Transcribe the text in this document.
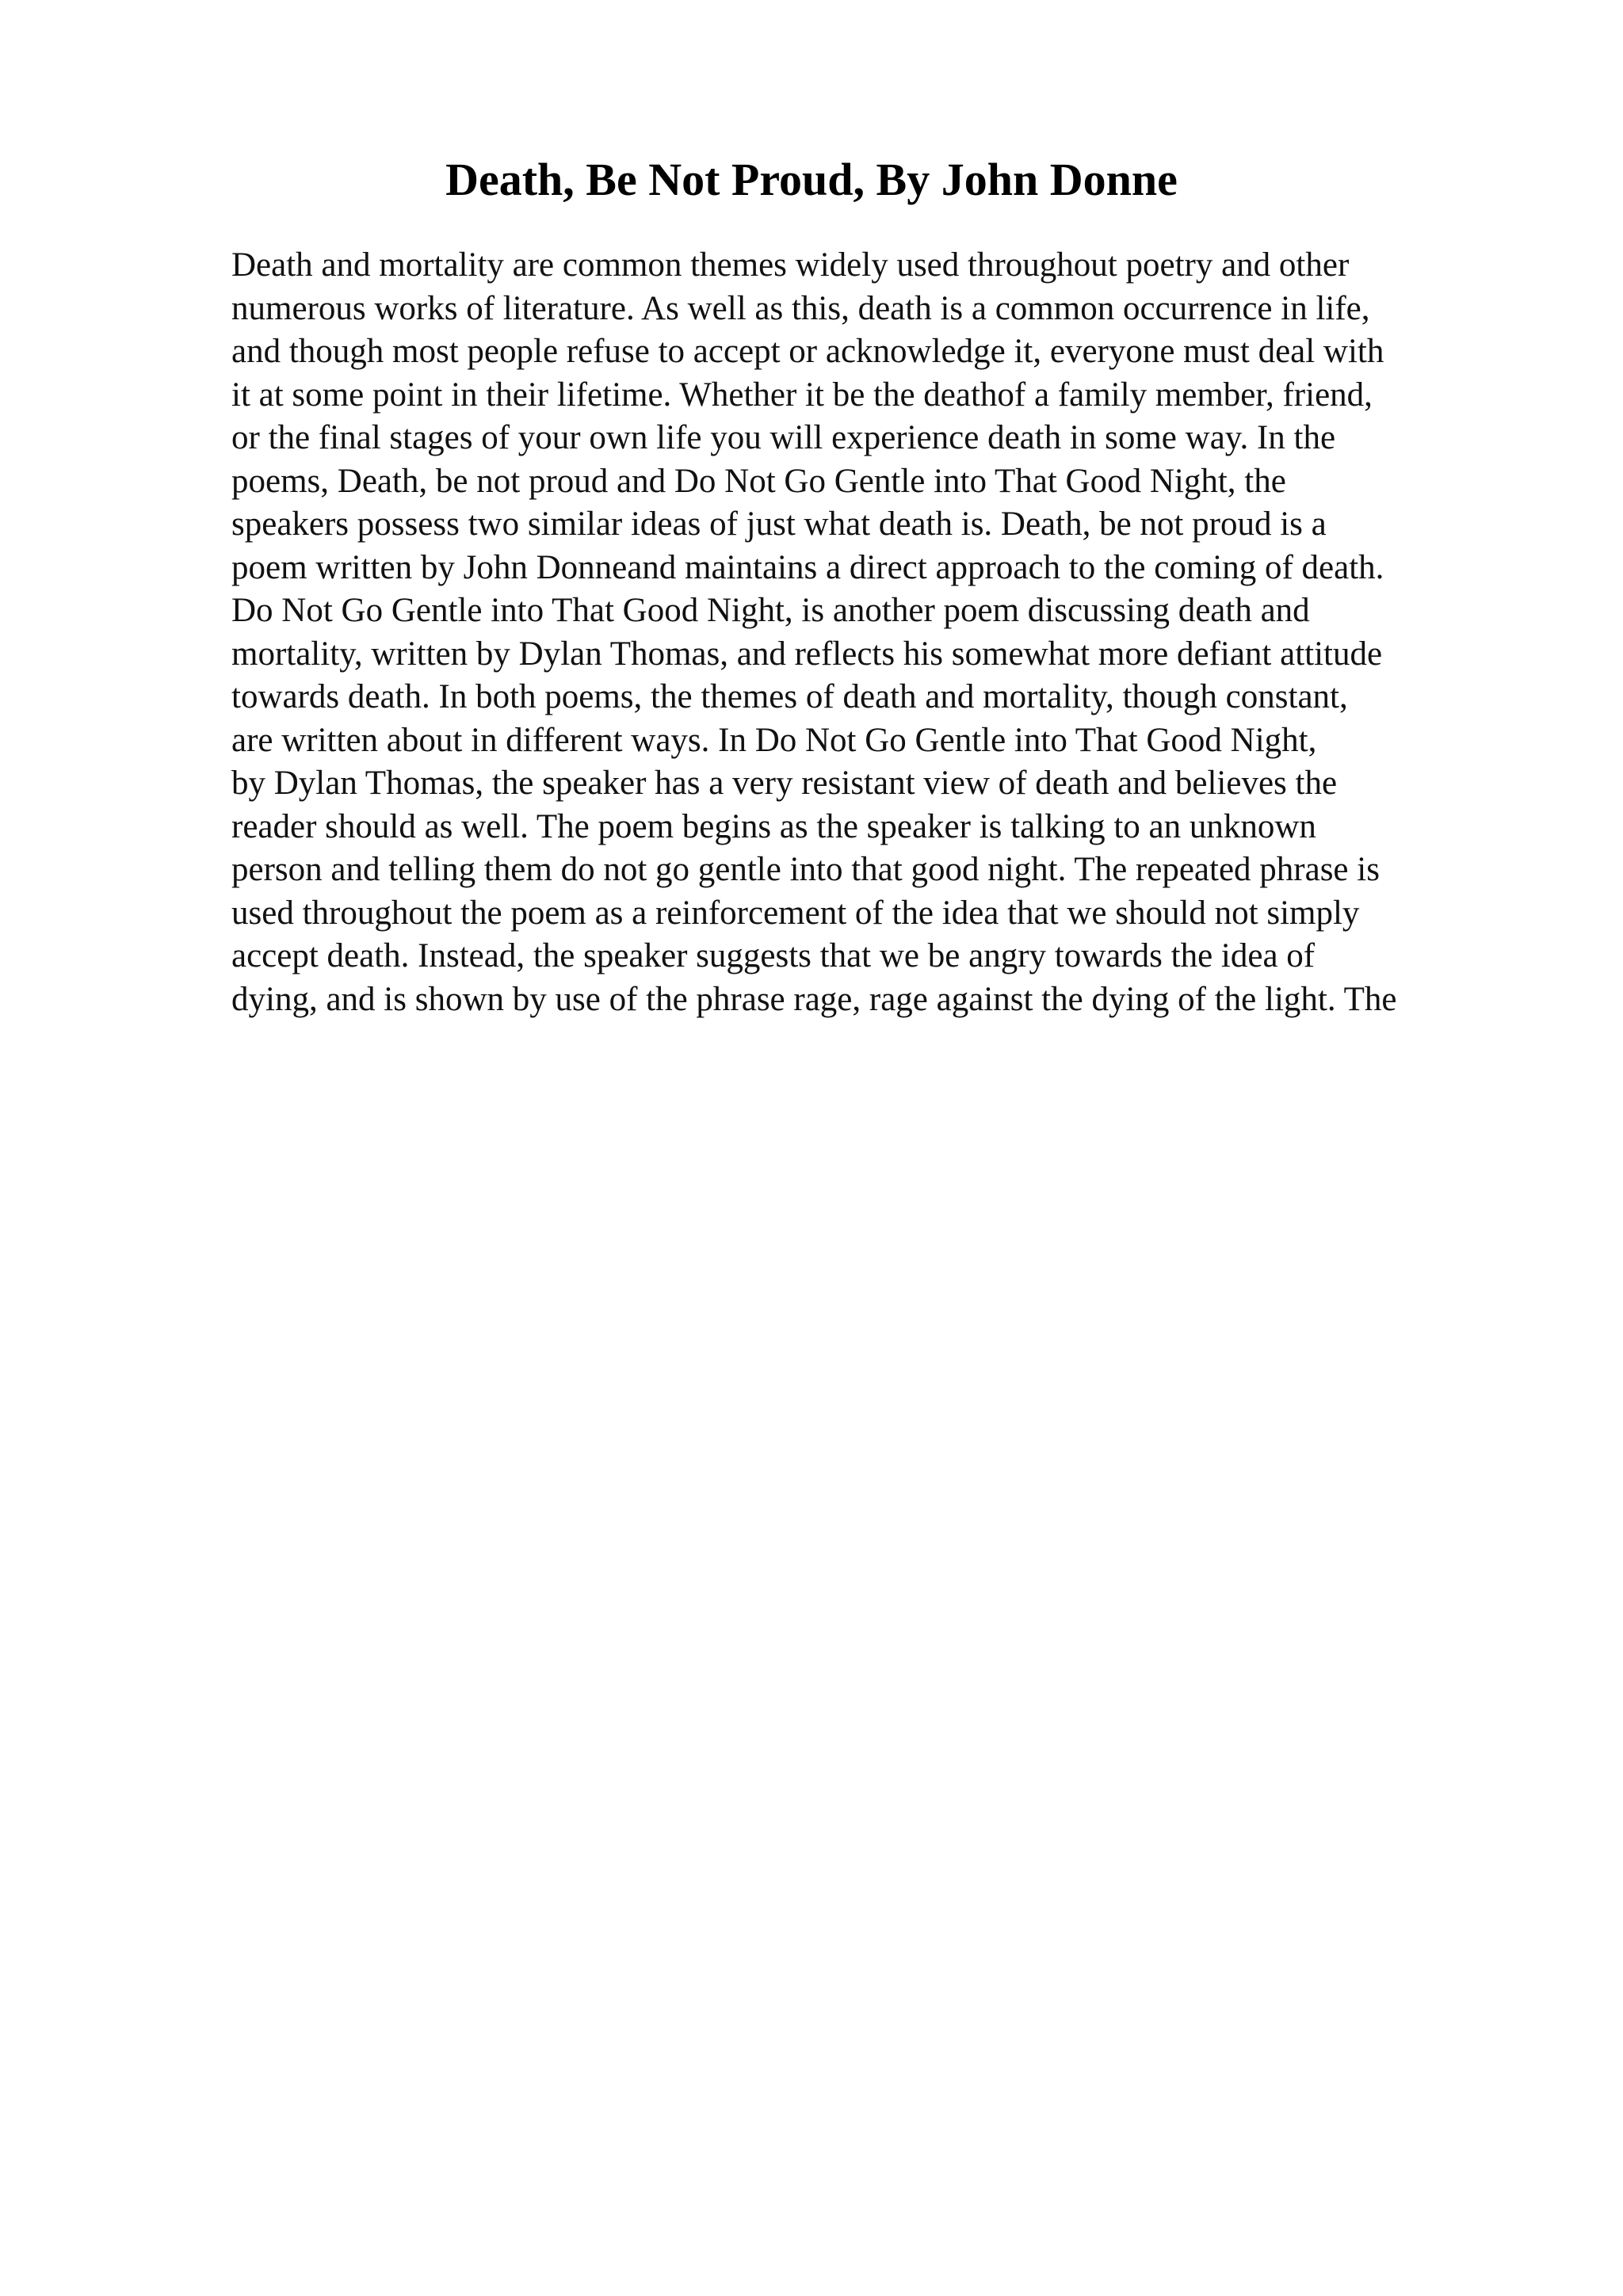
Death, Be Not Proud, By John Donne
Death and mortality are common themes widely used throughout poetry and other
numerous works of literature. As well as this, death is a common occurrence in life,
and though most people refuse to accept or acknowledge it, everyone must deal with
it at some point in their lifetime. Whether it be the deathof a family member, friend,
or the final stages of your own life you will experience death in some way. In the
poems, Death, be not proud and Do Not Go Gentle into That Good Night, the
speakers possess two similar ideas of just what death is. Death, be not proud is a
poem written by John Donneand maintains a direct approach to the coming of death.
Do Not Go Gentle into That Good Night, is another poem discussing death and
mortality, written by Dylan Thomas, and reflects his somewhat more defiant attitude
towards death. In both poems, the themes of death and mortality, though constant,
are written about in different ways. In Do Not Go Gentle into That Good Night,
by Dylan Thomas, the speaker has a very resistant view of death and believes the
reader should as well. The poem begins as the speaker is talking to an unknown
person and telling them do not go gentle into that good night. The repeated phrase is
used throughout the poem as a reinforcement of the idea that we should not simply
accept death. Instead, the speaker suggests that we be angry towards the idea of
dying, and is shown by use of the phrase rage, rage against the dying of the light. The
